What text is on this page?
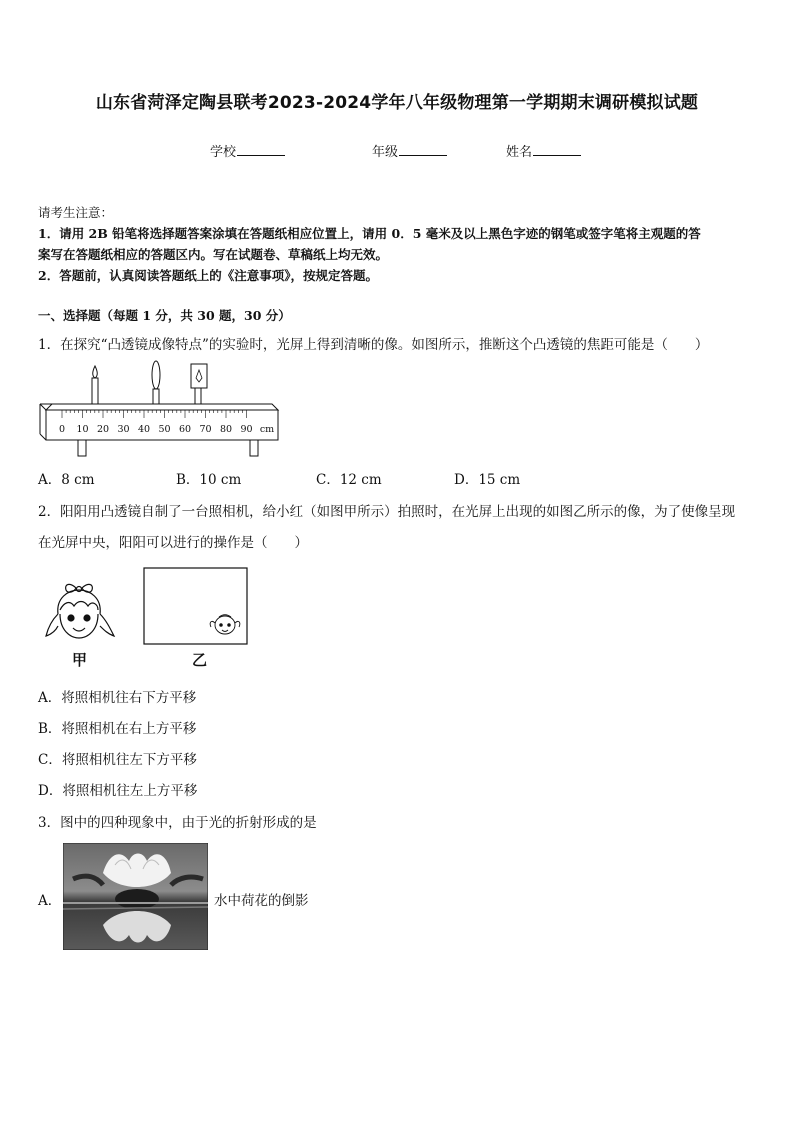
山东省菏泽定陶县联考2023-2024学年八年级物理第一学期期末调研模拟试题
学校	年级	姓名
请考生注意：
1．请用 2B 铅笔将选择题答案涂填在答题纸相应位置上，请用 0．5 毫米及以上黑色字迹的钢笔或签字笔将主观题的答
案写在答题纸相应的答题区内。写在试题卷、草稿纸上均无效。
2．答题前，认真阅读答题纸上的《注意事项》，按规定答题。
一、选择题（每题 1 分，共 30 题，30 分）
1．在探究“凸透镜成像特点”的实验时，光屏上得到清晰的像。如图所示，推断这个凸透镜的焦距可能是（　　）
0 10 20 30 40 50 60 70 80 90 cm
A．8 cm	B．10 cm	C．12 cm	D．15 cm
2．阳阳用凸透镜自制了一台照相机，给小红（如图甲所示）拍照时，在光屏上出现的如图乙所示的像，为了使像呈现
在光屏中央，阳阳可以进行的操作是（　　）
甲	乙
A．将照相机往右下方平移
B．将照相机在右上方平移
C．将照相机往左下方平移
D．将照相机往左上方平移
3．图中的四种现象中，由于光的折射形成的是
A．	水中荷花的倒影
